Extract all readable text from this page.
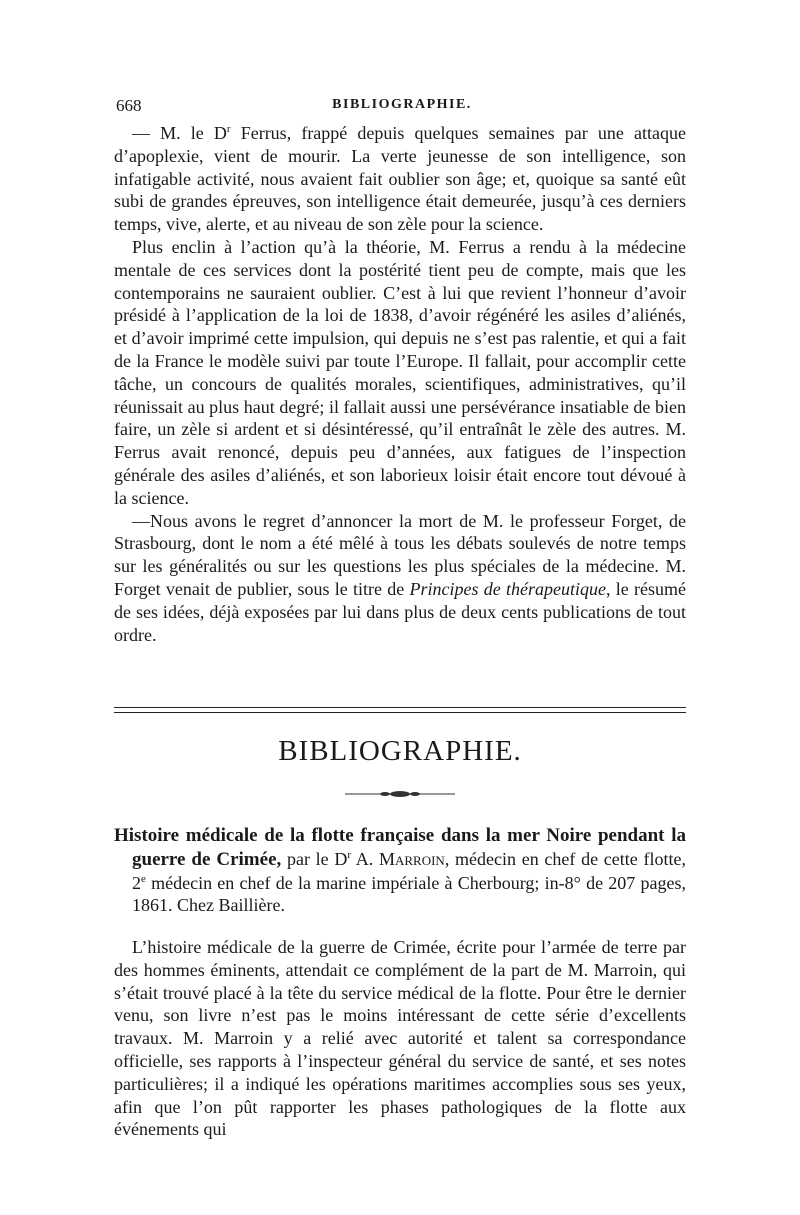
668	BIBLIOGRAPHIE.

— M. le $D^r$ Ferrus, frappé depuis quelques semaines par une attaque d’apoplexie, vient de mourir. La verte jeunesse de son intelligence, son infatigable activité, nous avaient fait oublier son âge; et, quoique sa santé eût subi de grandes épreuves, son intelligence était demeurée, jusqu’à ces derniers temps, vive, alerte, et au niveau de son zèle pour la science.

Plus enclin à l’action qu’à la théorie, M. Ferrus a rendu à la médecine mentale de ces services dont la postérité tient peu de compte, mais que les contemporains ne sauraient oublier. C’est à lui que revient l’honneur d’avoir présidé à l’application de la loi de 1838, d’avoir régénéré les asiles d’aliénés, et d’avoir imprimé cette impulsion, qui depuis ne s’est pas ralentie, et qui a fait de la France le modèle suivi par toute l’Europe. Il fallait, pour accomplir cette tâche, un concours de qualités morales, scientifiques, administratives, qu’il réunissait au plus haut degré; il fallait aussi une persévérance insatiable de bien faire, un zèle si ardent et si désintéressé, qu’il entraînât le zèle des autres. M. Ferrus avait renoncé, depuis peu d’années, aux fatigues de l’inspection générale des asiles d’aliénés, et son laborieux loisir était encore tout dévoué à la science.

—Nous avons le regret d’annoncer la mort de M. le professeur Forget, de Strasbourg, dont le nom a été mêlé à tous les débats soulevés de notre temps sur les généralités ou sur les questions les plus spéciales de la médecine. M. Forget venait de publier, sous le titre de Principes de thérapeutique, le résumé de ses idées, déjà exposées par lui dans plus de deux cents publications de tout ordre.

BIBLIOGRAPHIE.

Histoire médicale de la flotte française dans la mer Noire pendant la guerre de Crimée, par le $D^r$ A. Marroin, médecin en chef de cette flotte, 2e médecin en chef de la marine impériale à Cherbourg; in-8° de 207 pages, 1861. Chez Baillière.

L’histoire médicale de la guerre de Crimée, écrite pour l’armée de terre par des hommes éminents, attendait ce complément de la part de M. Marroin, qui s’était trouvé placé à la tête du service médical de la flotte. Pour être le dernier venu, son livre n’est pas le moins intéressant de cette série d’excellents travaux. M. Marroin y a relié avec autorité et talent sa correspondance officielle, ses rapports à l’inspecteur général du service de santé, et ses notes particulières; il a indiqué les opérations maritimes accomplies sous ses yeux, afin que l’on pût rapporter les phases pathologiques de la flotte aux événements qui
